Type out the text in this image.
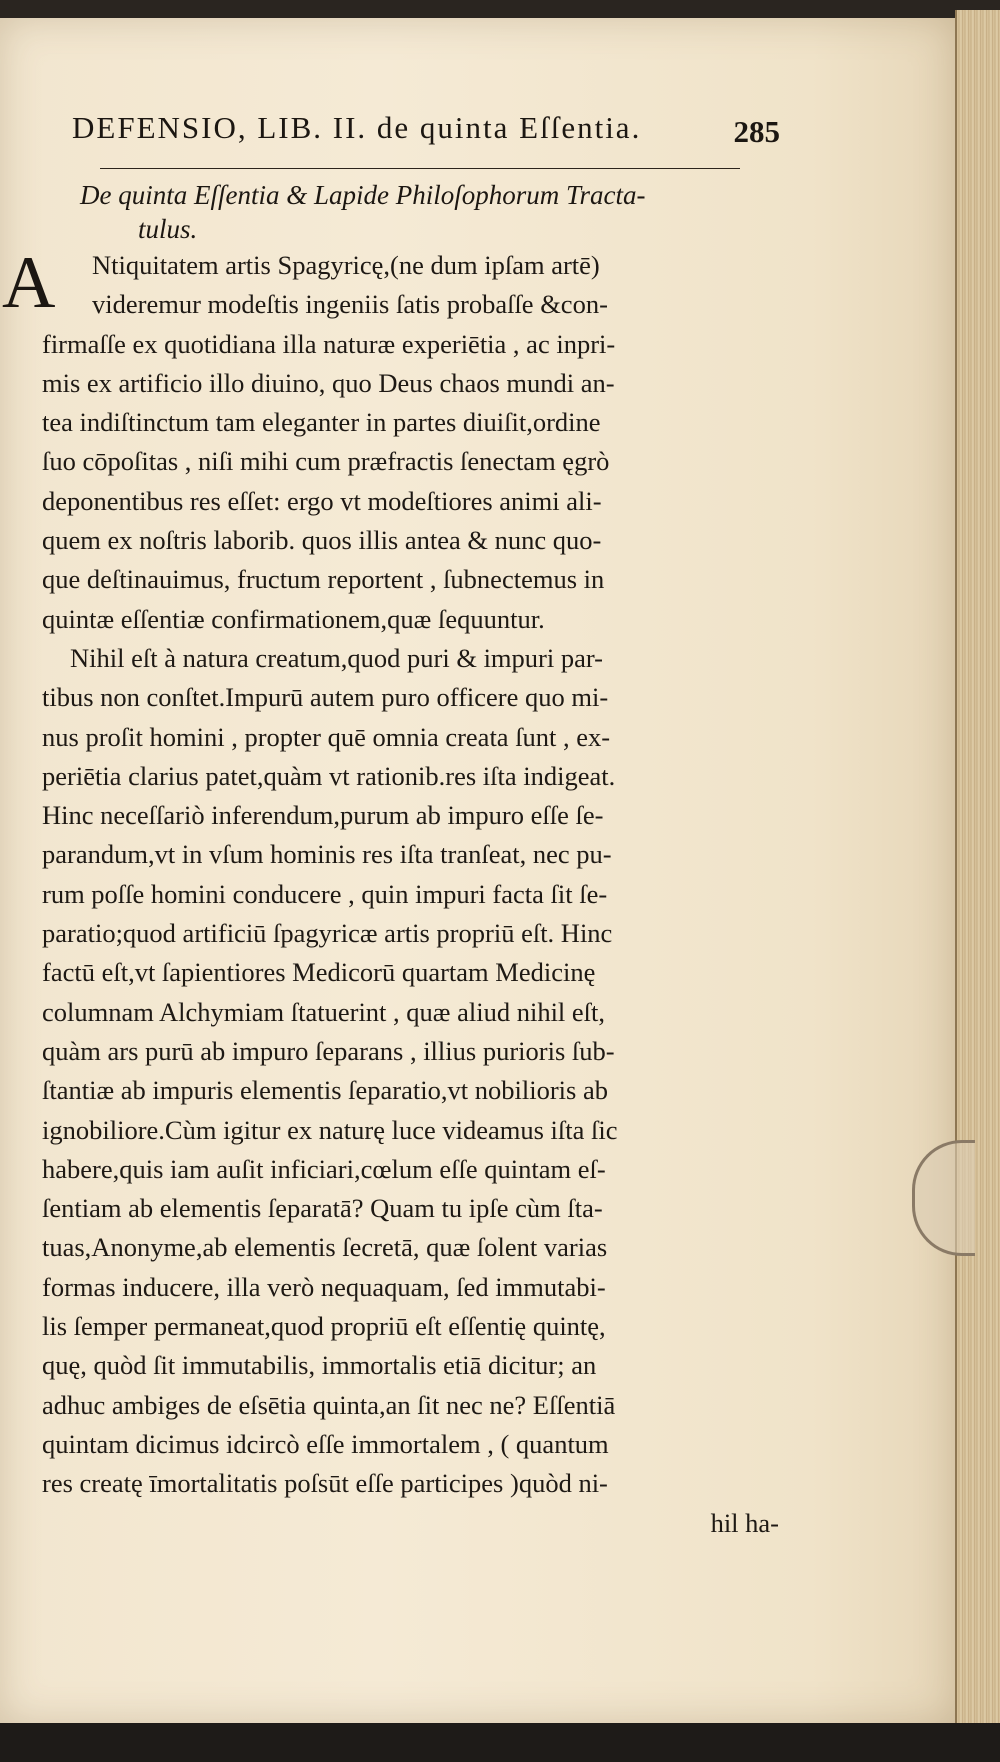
DEFENSIO, LIB. II. de quinta Eſſentia.	285
De quinta Eſſentia & Lapide Philoſophorum Tracta-
tulus.
A	Ntiquitatem artis Spagyricę,(ne dum ipſam artē)
videremur modeſtis ingeniis ſatis probaſſe &con-
firmaſſe ex quotidiana illa naturæ experiētia , ac inpri-
mis ex artificio illo diuino, quo Deus chaos mundi an-
tea indiſtinctum tam eleganter in partes diuiſit,ordine
ſuo cōpoſitas , niſi mihi cum præfractis ſenectam ęgrò
deponentibus res eſſet: ergo vt modeſtiores animi ali-
quem ex noſtris laborib. quos illis antea & nunc quo-
que deſtinauimus, fructum reportent , ſubnectemus in
quintæ eſſentiæ confirmationem,quæ ſequuntur.
Nihil eſt à natura creatum,quod puri & impuri par-
tibus non conſtet.Impurū autem puro officere quo mi-
nus proſit homini , propter quē omnia creata ſunt , ex-
periētia clarius patet,quàm vt rationib.res iſta indigeat.
Hinc neceſſariò inferendum,purum ab impuro eſſe ſe-
parandum,vt in vſum hominis res iſta tranſeat, nec pu-
rum poſſe homini conducere , quin impuri facta ſit ſe-
paratio;quod artificiū ſpagyricæ artis propriū eſt. Hinc
factū eſt,vt ſapientiores Medicorū quartam Medicinę
columnam Alchymiam ſtatuerint , quæ aliud nihil eſt,
quàm ars purū ab impuro ſeparans , illius purioris ſub-
ſtantiæ ab impuris elementis ſeparatio,vt nobilioris ab
ignobiliore.Cùm igitur ex naturę luce videamus iſta ſic
habere,quis iam auſit inficiari,cœlum eſſe quintam eſ-
ſentiam ab elementis ſeparatā? Quam tu ipſe cùm ſta-
tuas,Anonyme,ab elementis ſecretā, quæ ſolent varias
formas inducere, illa verò nequaquam, ſed immutabi-
lis ſemper permaneat,quod propriū eſt eſſentię quintę,
quę, quòd ſit immutabilis, immortalis etiā dicitur; an
adhuc ambiges de eſsētia quinta,an ſit nec ne? Eſſentiā
quintam dicimus idcircò eſſe immortalem , ( quantum
res creatę īmortalitatis poſsūt eſſe participes )quòd ni-
hil ha-
